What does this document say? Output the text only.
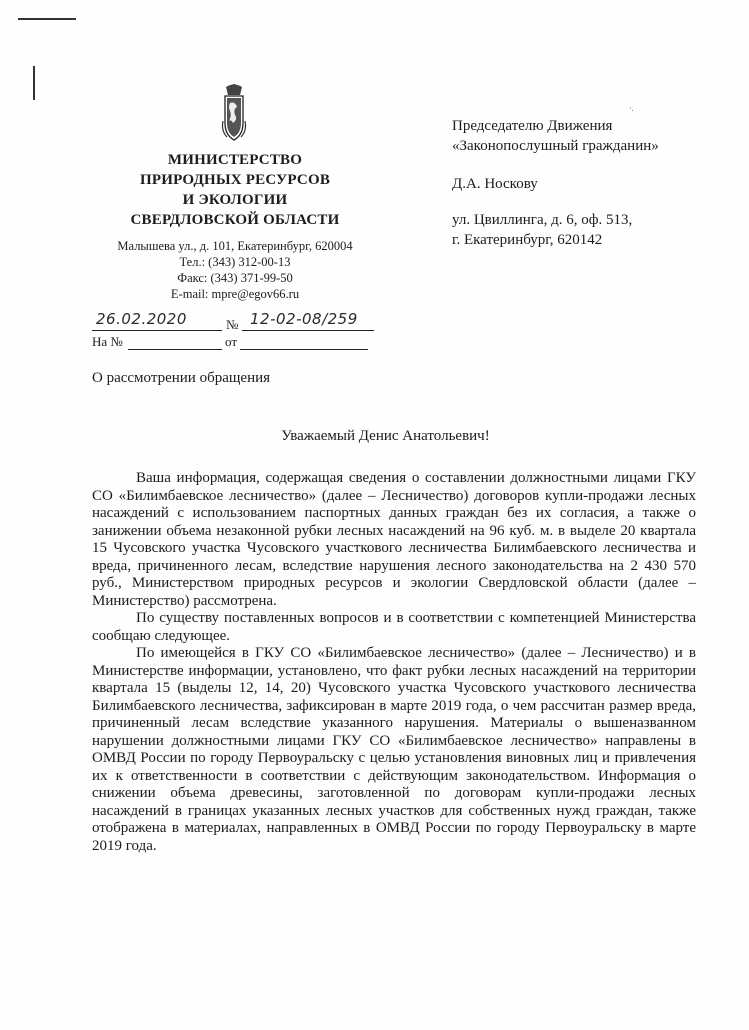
·.
МИНИСТЕРСТВО
ПРИРОДНЫХ РЕСУРСОВ
И ЭКОЛОГИИ
СВЕРДЛОВСКОЙ ОБЛАСТИ
Малышева ул., д. 101, Екатеринбург, 620004
Тел.: (343) 312-00-13
Факс: (343) 371-99-50
E-mail: mpre@egov66.ru
Председателю Движения
«Законопослушный гражданин»
Д.А. Носкову
ул. Цвиллинга, д. 6, оф. 513,
г. Екатеринбург, 620142
26.02.2020	№ 12-02-08/259
На №	от
О рассмотрении обращения
Уважаемый Денис Анатольевич!

Ваша информация, содержащая сведения о составлении должностными лицами ГКУ СО «Билимбаевское лесничество» (далее – Лесничество) договоров купли-продажи лесных насаждений с использованием паспортных данных граждан без их согласия, а также о занижении объема незаконной рубки лесных насаждений на 96 куб. м. в выделе 20 квартала 15 Чусовского участка Чусовского участкового лесничества Билимбаевского лесничества и вреда, причиненного лесам, вследствие нарушения лесного законодательства на 2 430 570 руб., Министерством природных ресурсов и экологии Свердловской области (далее – Министерство) рассмотрена.

По существу поставленных вопросов и в соответствии с компетенцией Министерства сообщаю следующее.

По имеющейся в ГКУ СО «Билимбаевское лесничество» (далее – Лесничество) и в Министерстве информации, установлено, что факт рубки лесных насаждений на территории квартала 15 (выделы 12, 14, 20) Чусовского участка Чусовского участкового лесничества Билимбаевского лесничества, зафиксирован в марте 2019 года, о чем рассчитан размер вреда, причиненный лесам вследствие указанного нарушения. Материалы о вышеназванном нарушении должностными лицами ГКУ СО «Билимбаевское лесничество» направлены в ОМВД России по городу Первоуральску с целью установления виновных лиц и привлечения их к ответственности в соответствии с действующим законодательством. Информация о снижении объема древесины, заготовленной по договорам купли-продажи лесных насаждений в границах указанных лесных участков для собственных нужд граждан, также отображена в материалах, направленных в ОМВД России по городу Первоуральску в марте 2019 года.
